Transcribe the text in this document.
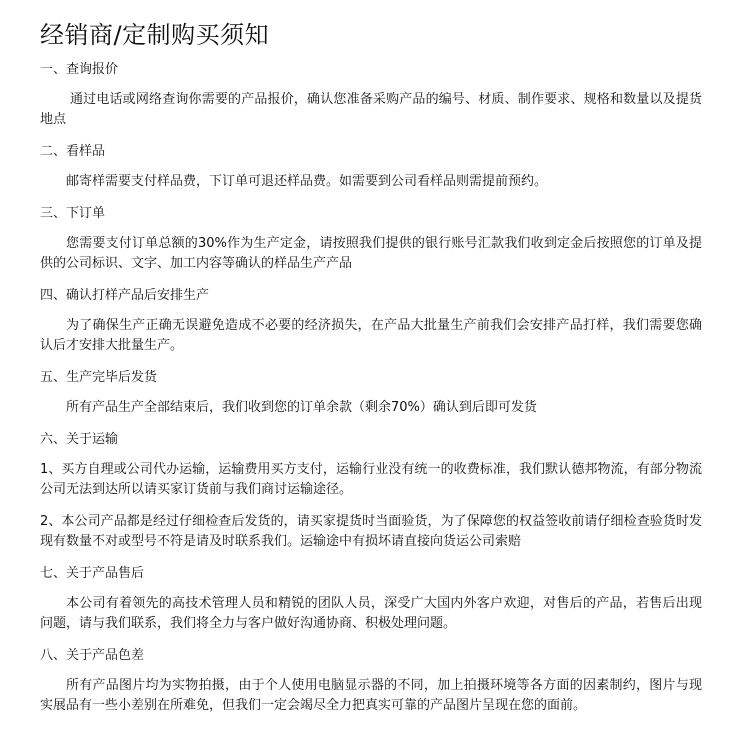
经销商/定制购买须知
一、查询报价

通过电话或网络查询你需要的产品报价，确认您准备采购产品的编号、材质、制作要求、规格和数量以及提货地点

二、看样品

邮寄样需要支付样品费，下订单可退还样品费。如需要到公司看样品则需提前预约。

三、下订单

您需要支付订单总额的30%作为生产定金，请按照我们提供的银行账号汇款我们收到定金后按照您的订单及提供的公司标识、文字、加工内容等确认的样品生产产品

四、确认打样产品后安排生产

为了确保生产正确无误避免造成不必要的经济损失，在产品大批量生产前我们会安排产品打样，我们需要您确认后才安排大批量生产。

五、生产完毕后发货

所有产品生产全部结束后，我们收到您的订单余款（剩余70%）确认到后即可发货

六、关于运输

1、买方自理或公司代办运输，运输费用买方支付，运输行业没有统一的收费标准，我们默认德邦物流，有部分物流公司无法到达所以请买家订货前与我们商讨运输途径。

2、本公司产品都是经过仔细检查后发货的，请买家提货时当面验货，为了保障您的权益签收前请仔细检查验货时发现有数量不对或型号不符是请及时联系我们。运输途中有损坏请直接向货运公司索赔

七、关于产品售后

本公司有着领先的高技术管理人员和精锐的团队人员，深受广大国内外客户欢迎，对售后的产品，若售后出现问题，请与我们联系，我们将全力与客户做好沟通协商、积极处理问题。

八、关于产品色差

所有产品图片均为实物拍摄，由于个人使用电脑显示器的不同，加上拍摄环境等各方面的因素制约，图片与现实展品有一些小差别在所难免，但我们一定会竭尽全力把真实可靠的产品图片呈现在您的面前。
